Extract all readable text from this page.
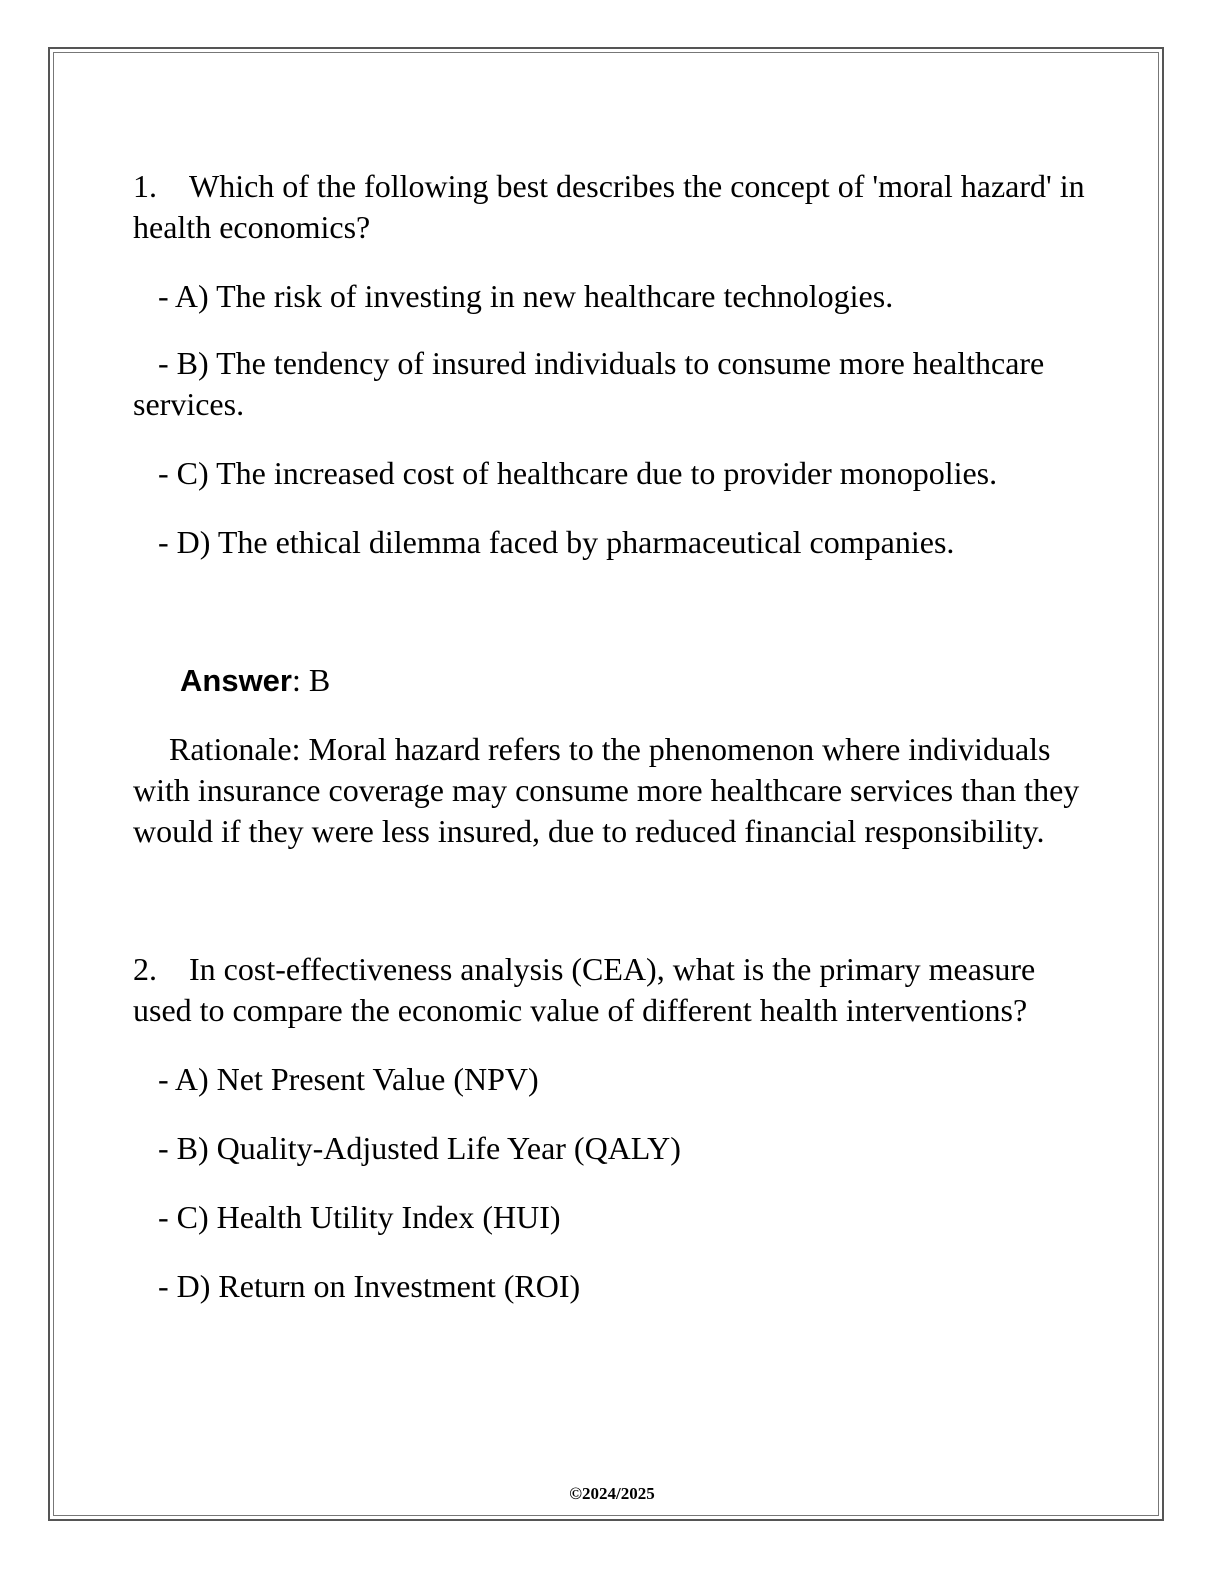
1. Which of the following best describes the concept of 'moral hazard' in health economics?

- A) The risk of investing in new healthcare technologies.

- B) The tendency of insured individuals to consume more healthcare services.

- C) The increased cost of healthcare due to provider monopolies.

- D) The ethical dilemma faced by pharmaceutical companies.

Answer: B

Rationale: Moral hazard refers to the phenomenon where individuals with insurance coverage may consume more healthcare services than they would if they were less insured, due to reduced financial responsibility.

2. In cost-effectiveness analysis (CEA), what is the primary measure used to compare the economic value of different health interventions?

- A) Net Present Value (NPV)

- B) Quality-Adjusted Life Year (QALY)

- C) Health Utility Index (HUI)

- D) Return on Investment (ROI)

©2024/2025
